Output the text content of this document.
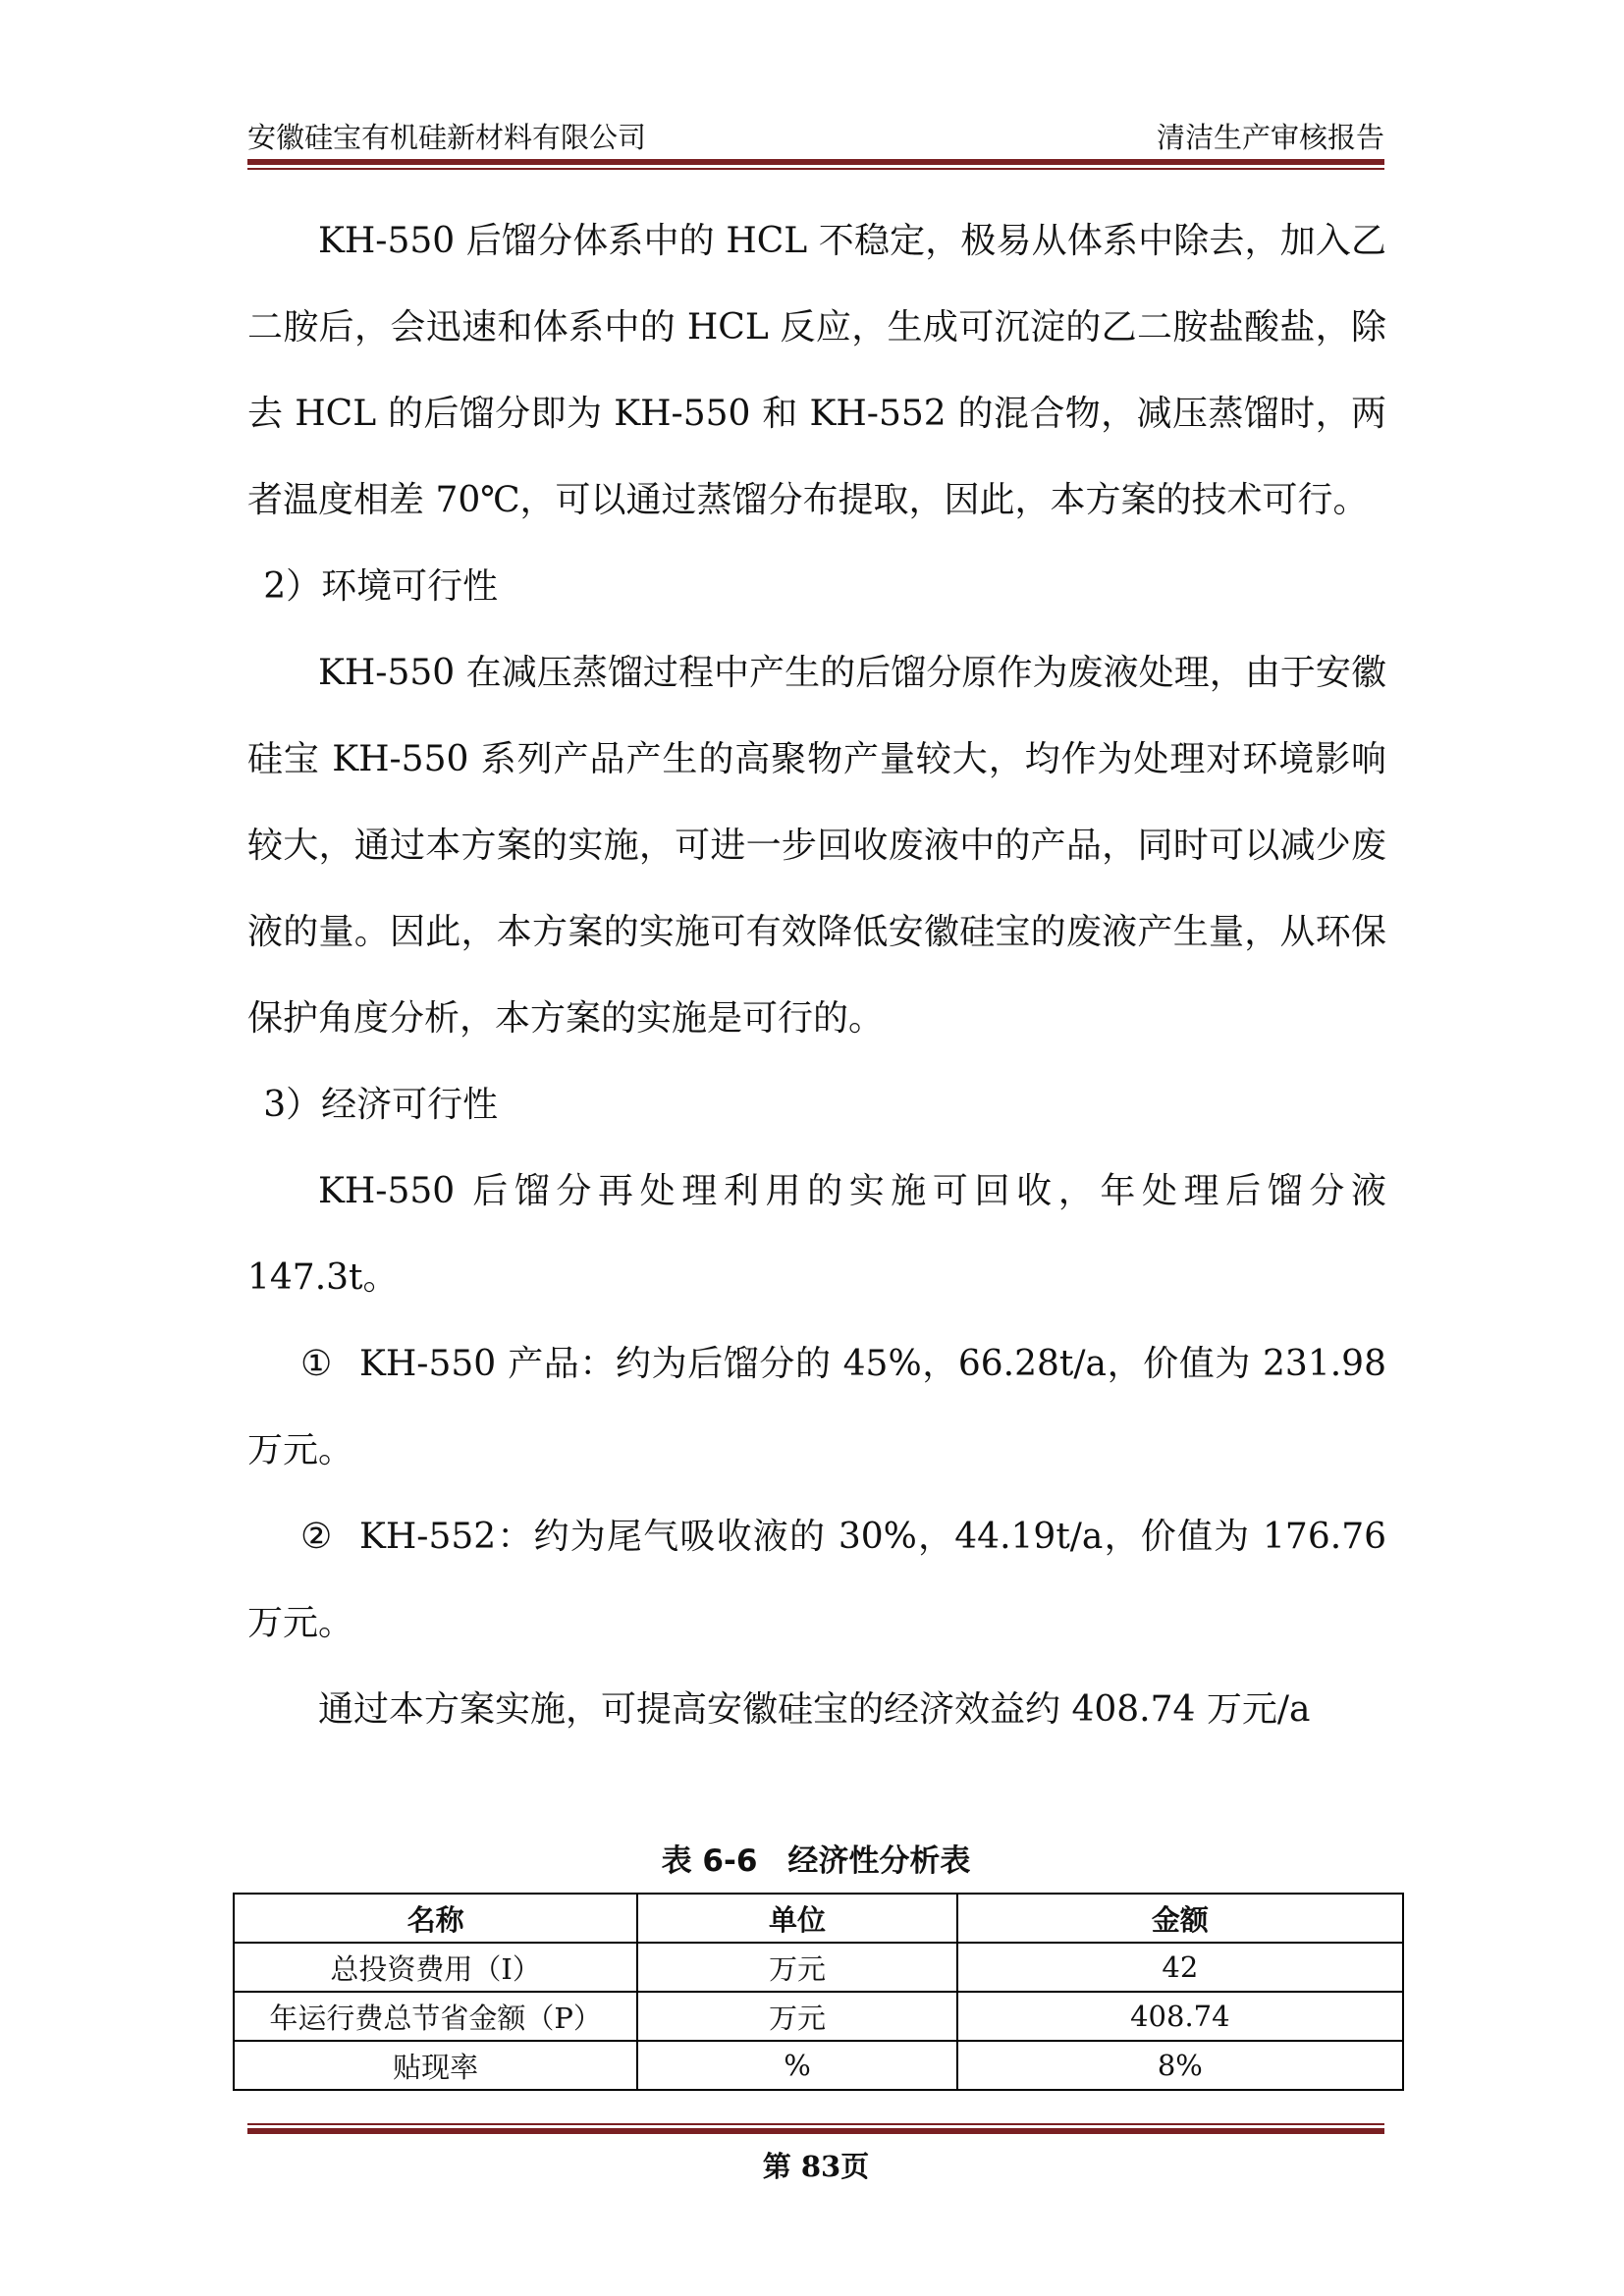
安徽硅宝有机硅新材料有限公司	清洁生产审核报告

KH-550 后馏分体系中的 HCL 不稳定，极易从体系中除去，加入乙二胺后，会迅速和体系中的 HCL 反应，生成可沉淀的乙二胺盐酸盐，除去 HCL 的后馏分即为 KH-550 和 KH-552 的混合物，减压蒸馏时，两者温度相差 70℃，可以通过蒸馏分布提取，因此，本方案的技术可行。

2）环境可行性

KH-550 在减压蒸馏过程中产生的后馏分原作为废液处理，由于安徽硅宝 KH-550 系列产品产生的高聚物产量较大，均作为处理对环境影响较大，通过本方案的实施，可进一步回收废液中的产品，同时可以减少废液的量。因此，本方案的实施可有效降低安徽硅宝的废液产生量，从环保保护角度分析，本方案的实施是可行的。

3）经济可行性

KH-550 后馏分再处理利用的实施可回收，年处理后馏分液 147.3t。

① KH-550 产品：约为后馏分的 45%，66.28t/a，价值为 231.98 万元。

② KH-552：约为尾气吸收液的 30%，44.19t/a，价值为 176.76 万元。

通过本方案实施，可提高安徽硅宝的经济效益约 408.74 万元/a

表 6-6　经济性分析表
名称	单位	金额
总投资费用（I）	万元	42
年运行费总节省金额（P）	万元	408.74
贴现率	%	8%
第 83页
